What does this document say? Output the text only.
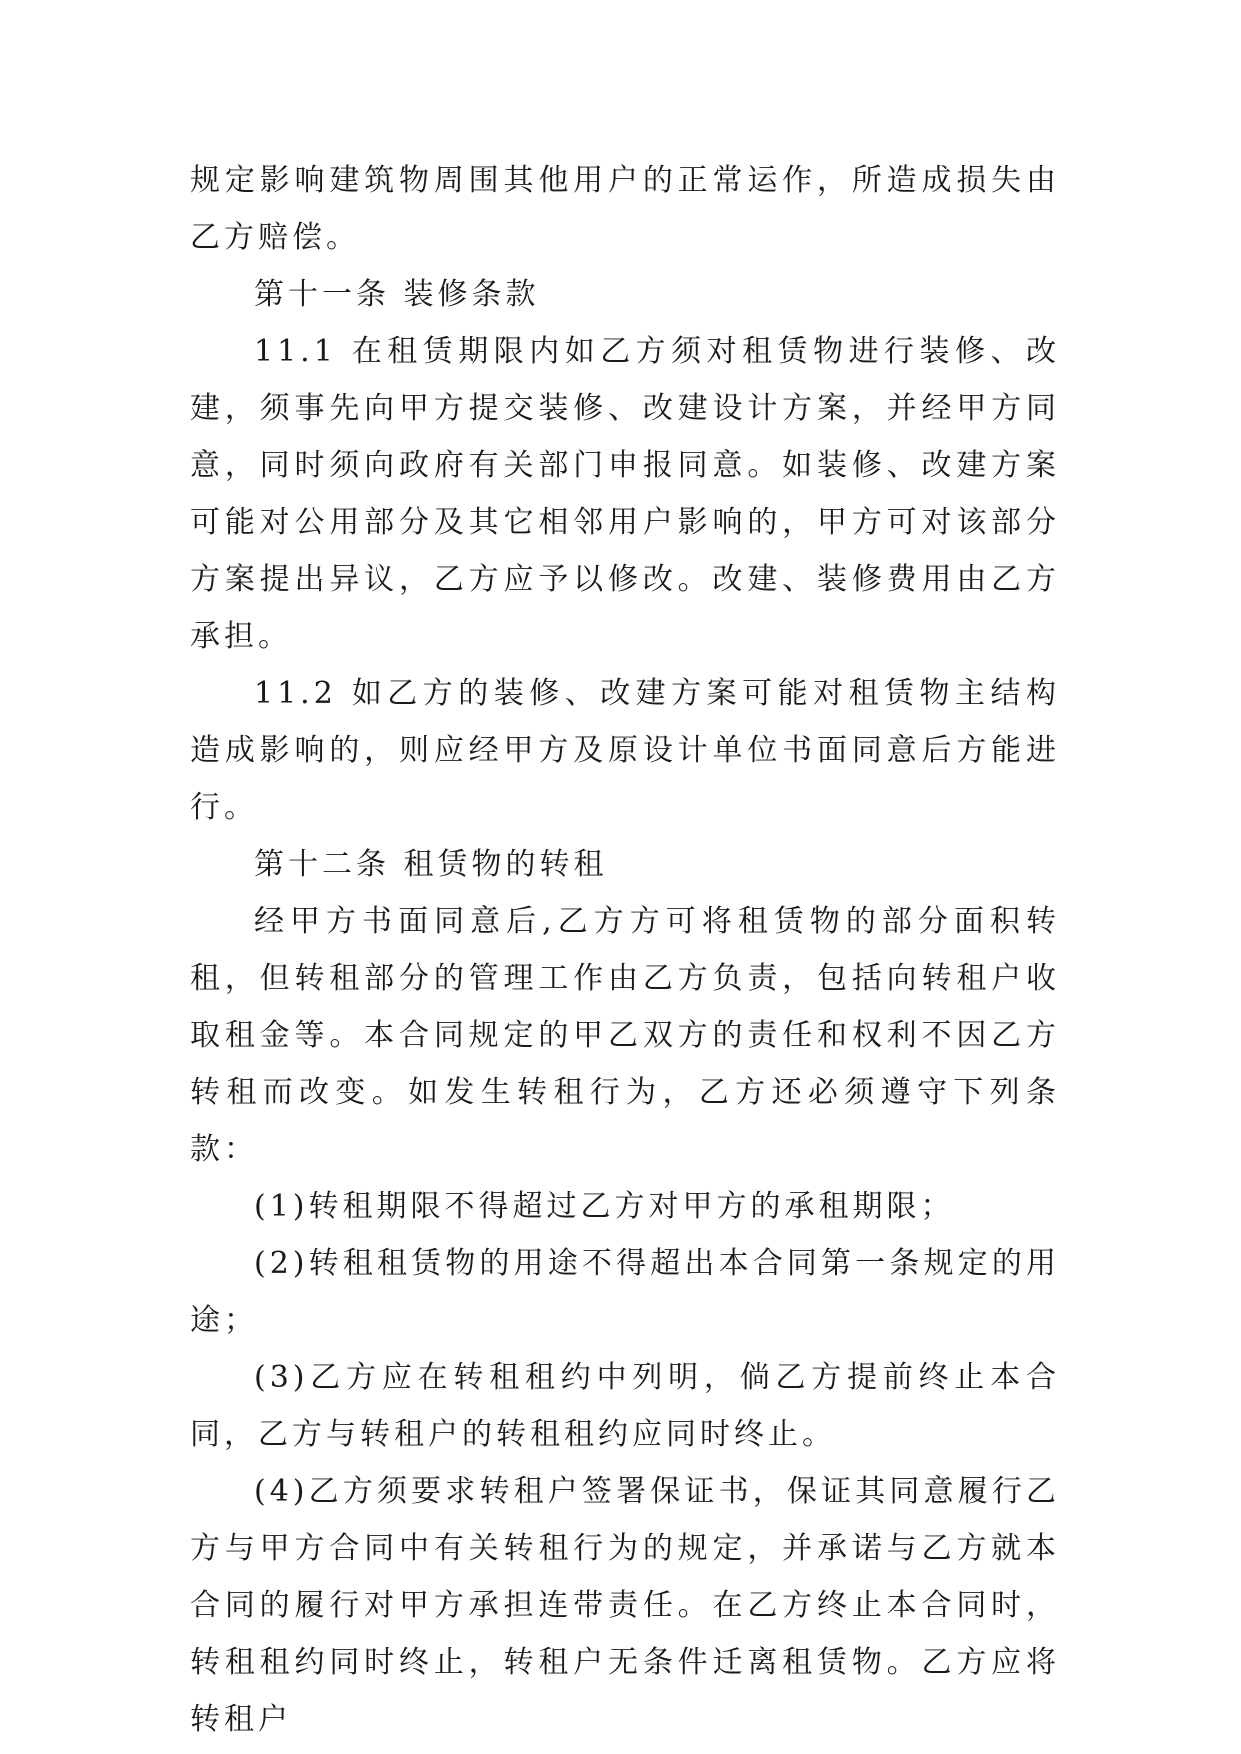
规定影响建筑物周围其他用户的正常运作，所造成损失由乙方赔偿。

第十一条 装修条款

11.1 在租赁期限内如乙方须对租赁物进行装修、改建，须事先向甲方提交装修、改建设计方案，并经甲方同意，同时须向政府有关部门申报同意。如装修、改建方案可能对公用部分及其它相邻用户影响的，甲方可对该部分方案提出异议，乙方应予以修改。改建、装修费用由乙方承担。

11.2 如乙方的装修、改建方案可能对租赁物主结构造成影响的，则应经甲方及原设计单位书面同意后方能进行。

第十二条 租赁物的转租

经甲方书面同意后,乙方方可将租赁物的部分面积转租，但转租部分的管理工作由乙方负责，包括向转租户收取租金等。本合同规定的甲乙双方的责任和权利不因乙方转租而改变。如发生转租行为，乙方还必须遵守下列条款：

(1)转租期限不得超过乙方对甲方的承租期限；

(2)转租租赁物的用途不得超出本合同第一条规定的用途；

(3)乙方应在转租租约中列明，倘乙方提前终止本合同，乙方与转租户的转租租约应同时终止。

(4)乙方须要求转租户签署保证书，保证其同意履行乙方与甲方合同中有关转租行为的规定，并承诺与乙方就本合同的履行对甲方承担连带责任。在乙方终止本合同时，转租租约同时终止，转租户无条件迁离租赁物。乙方应将转租户
